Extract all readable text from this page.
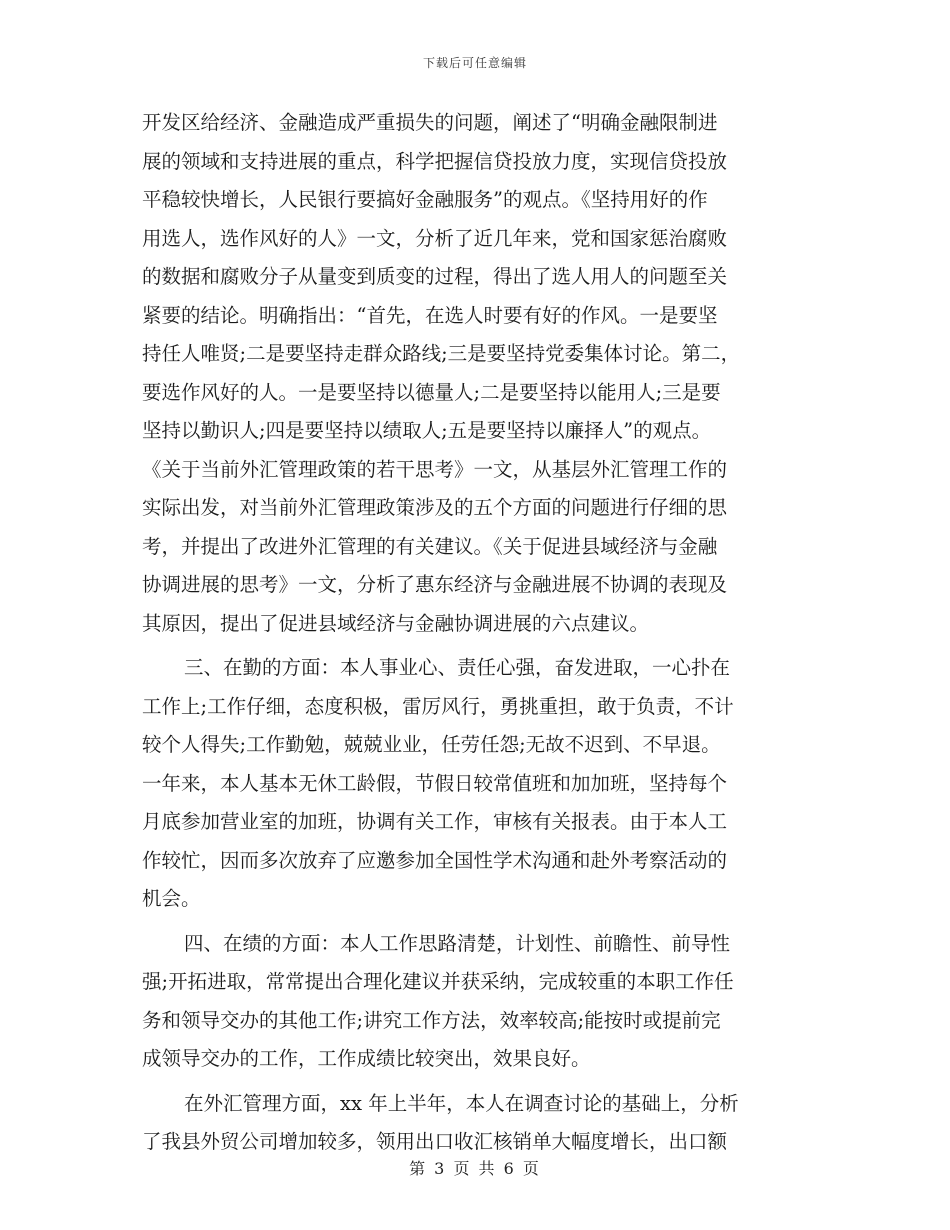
下载后可任意编辑
开发区给经济、金融造成严重损失的问题，阐述了“明确金融限制进
展的领域和支持进展的重点，科学把握信贷投放力度，实现信贷投放
平稳较快增长，人民银行要搞好金融服务”的观点。《坚持用好的作
用选人，选作风好的人》一文，分析了近几年来，党和国家惩治腐败
的数据和腐败分子从量变到质变的过程，得出了选人用人的问题至关
紧要的结论。明确指出：“首先，在选人时要有好的作风。一是要坚
持任人唯贤;二是要坚持走群众路线;三是要坚持党委集体讨论。第二，
要选作风好的人。一是要坚持以德量人;二是要坚持以能用人;三是要
坚持以勤识人;四是要坚持以绩取人;五是要坚持以廉择人”的观点。
《关于当前外汇管理政策的若干思考》一文，从基层外汇管理工作的
实际出发，对当前外汇管理政策涉及的五个方面的问题进行仔细的思
考，并提出了改进外汇管理的有关建议。《关于促进县域经济与金融
协调进展的思考》一文，分析了惠东经济与金融进展不协调的表现及
其原因，提出了促进县域经济与金融协调进展的六点建议。
三、在勤的方面：本人事业心、责任心强，奋发进取，一心扑在
工作上;工作仔细，态度积极，雷厉风行，勇挑重担，敢于负责，不计
较个人得失;工作勤勉，兢兢业业，任劳任怨;无故不迟到、不早退。
一年来，本人基本无休工龄假，节假日较常值班和加加班，坚持每个
月底参加营业室的加班，协调有关工作，审核有关报表。由于本人工
作较忙，因而多次放弃了应邀参加全国性学术沟通和赴外考察活动的
机会。
四、在绩的方面：本人工作思路清楚，计划性、前瞻性、前导性
强;开拓进取，常常提出合理化建议并获采纳，完成较重的本职工作任
务和领导交办的其他工作;讲究工作方法，效率较高;能按时或提前完
成领导交办的工作，工作成绩比较突出，效果良好。
在外汇管理方面，xx 年上半年，本人在调查讨论的基础上，分析
了我县外贸公司增加较多，领用出口收汇核销单大幅度增长，出口额
第 3 页 共 6 页
